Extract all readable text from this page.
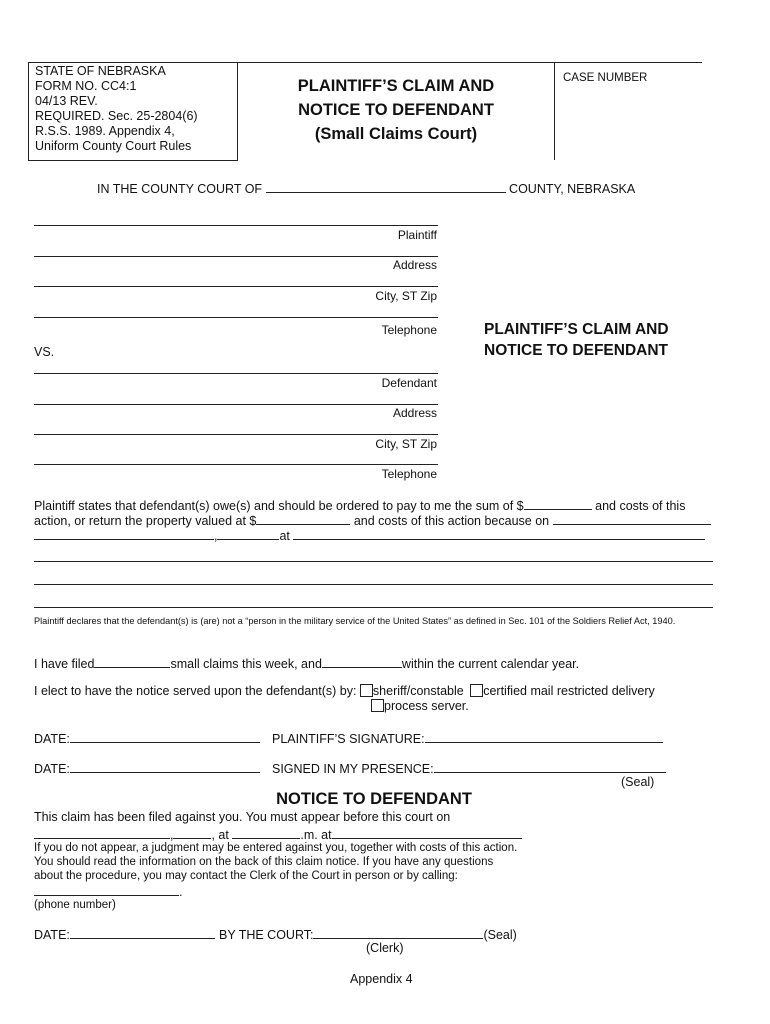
STATE OF NEBRASKA
FORM NO. CC4:1
04/13 REV.
REQUIRED. Sec. 25-2804(6)
R.S.S. 1989. Appendix 4,
Uniform County Court Rules
PLAINTIFF’S CLAIM AND
NOTICE TO DEFENDANT
(Small Claims Court)
CASE NUMBER
IN THE COUNTY COURT OF	COUNTY, NEBRASKA
Plaintiff
Address
City, ST Zip
Telephone	PLAINTIFF’S CLAIM AND
NOTICE TO DEFENDANT
VS.
Defendant
Address
City, ST Zip
Telephone
Plaintiff states that defendant(s) owe(s) and should be ordered to pay to me the sum of $	and costs of this
action, or return the property valued at $	and costs of this action because on
,	at
Plaintiff declares that the defendant(s) is (are) not a “person in the military service of the United States” as defined in Sec. 101 of the Soldiers Relief Act, 1940.
I have filed	small claims this week, and	within the current calendar year.
I elect to have the notice served upon the defendant(s) by: sheriff/constable certified mail restricted delivery
process server.
DATE:	PLAINTIFF’S SIGNATURE:
DATE:	SIGNED IN MY PRESENCE:
(Seal)
NOTICE TO DEFENDANT
This claim has been filed against you. You must appear before this court on
,	, at	.m. at
If you do not appear, a judgment may be entered against you, together with costs of this action.
You should read the information on the back of this claim notice. If you have any questions
about the procedure, you may contact the Clerk of the Court in person or by calling:
.
(phone number)
DATE:	BY THE COURT:	(Seal)
(Clerk)
Appendix 4
